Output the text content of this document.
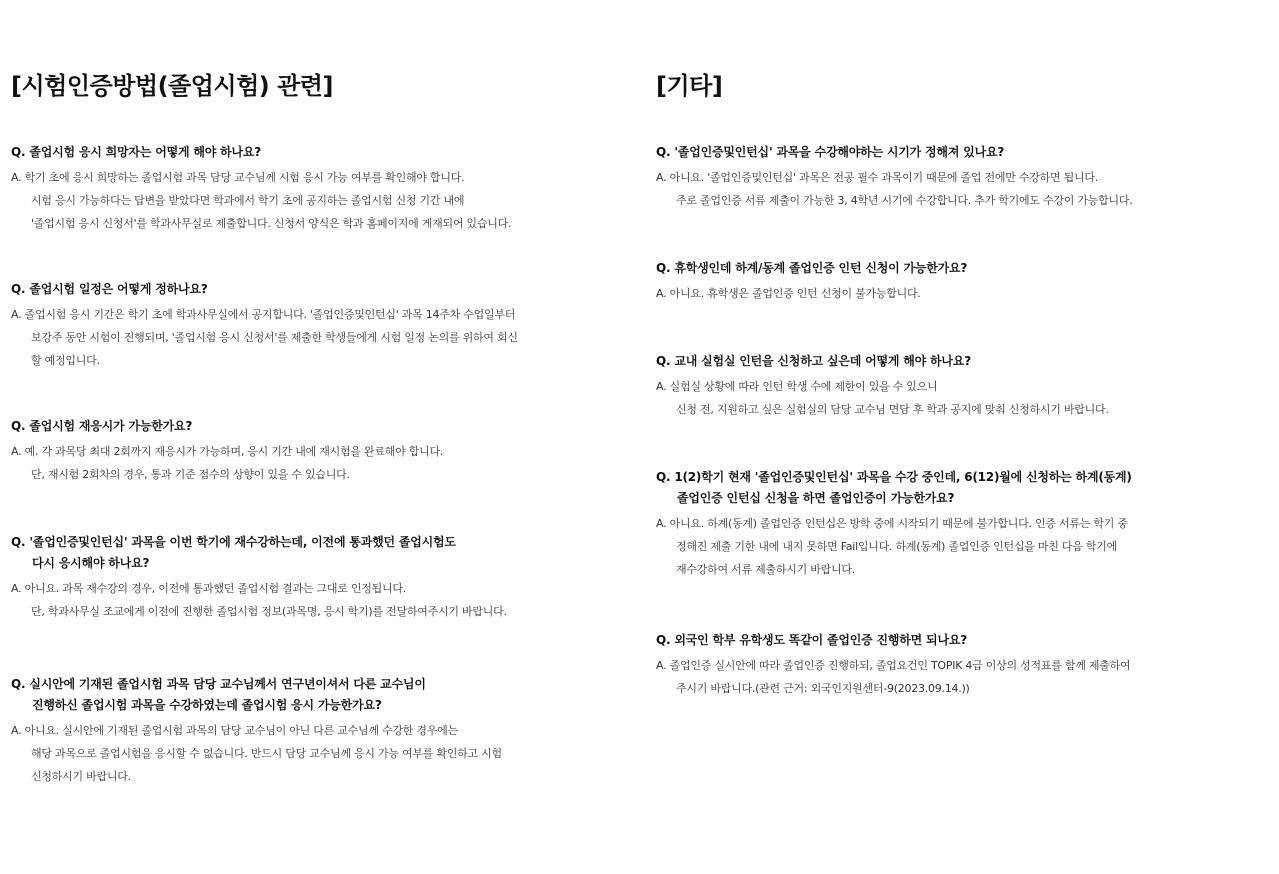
[시험인증방법(졸업시험) 관련]
Q. 졸업시험 응시 희망자는 어떻게 해야 하나요?
A. 학기 초에 응시 희망하는 졸업시험 과목 담당 교수님께 시험 응시 가능 여부를 확인해야 합니다.
시험 응시 가능하다는 답변을 받았다면 학과에서 학기 초에 공지하는 졸업시험 신청 기간 내에
'졸업시험 응시 신청서'를 학과사무실로 제출합니다. 신청서 양식은 학과 홈페이지에 게재되어 있습니다.
Q. 졸업시험 일정은 어떻게 정하나요?
A. 졸업시험 응시 기간은 학기 초에 학과사무실에서 공지합니다. '졸업인증및인턴십' 과목 14주차 수업일부터
보강주 동안 시험이 진행되며, '졸업시험 응시 신청서'를 제출한 학생들에게 시험 일정 논의를 위하여 회신
할 예정입니다.
Q. 졸업시험 재응시가 가능한가요?
A. 예. 각 과목당 최대 2회까지 재응시가 가능하며, 응시 기간 내에 재시험을 완료해야 합니다.
단, 재시험 2회차의 경우, 통과 기준 점수의 상향이 있을 수 있습니다.
Q. '졸업인증및인턴십' 과목을 이번 학기에 재수강하는데, 이전에 통과했던 졸업시험도
다시 응시해야 하나요?
A. 아니요. 과목 재수강의 경우, 이전에 통과했던 졸업시험 결과는 그대로 인정됩니다.
단, 학과사무실 조교에게 이전에 진행한 졸업시험 정보(과목명, 응시 학기)를 전달하여주시기 바랍니다.
Q. 실시안에 기재된 졸업시험 과목 담당 교수님께서 연구년이셔서 다른 교수님이
진행하신 졸업시험 과목을 수강하였는데 졸업시험 응시 가능한가요?
A. 아니요. 실시안에 기재된 졸업시험 과목의 담당 교수님이 아닌 다른 교수님께 수강한 경우에는
해당 과목으로 졸업시험을 응시할 수 없습니다. 반드시 담당 교수님께 응시 가능 여부를 확인하고 시험
신청하시기 바랍니다.
[기타]
Q. '졸업인증및인턴십' 과목을 수강해야하는 시기가 정해져 있나요?
A. 아니요. '졸업인증및인턴십' 과목은 전공 필수 과목이기 때문에 졸업 전에만 수강하면 됩니다.
주로 졸업인증 서류 제출이 가능한 3, 4학년 시기에 수강합니다. 추가 학기에도 수강이 가능합니다.
Q. 휴학생인데 하계/동계 졸업인증 인턴 신청이 가능한가요?
A. 아니요. 휴학생은 졸업인증 인턴 신청이 불가능합니다.
Q. 교내 실험실 인턴을 신청하고 싶은데 어떻게 해야 하나요?
A. 실험실 상황에 따라 인턴 학생 수에 제한이 있을 수 있으니
신청 전, 지원하고 싶은 실험실의 담당 교수님 면담 후 학과 공지에 맞춰 신청하시기 바랍니다.
Q. 1(2)학기 현재 '졸업인증및인턴십' 과목을 수강 중인데, 6(12)월에 신청하는 하계(동계)
졸업인증 인턴십 신청을 하면 졸업인증이 가능한가요?
A. 아니요. 하계(동계) 졸업인증 인턴십은 방학 중에 시작되기 때문에 불가합니다. 인증 서류는 학기 중
정해진 제출 기한 내에 내지 못하면 Fail입니다. 하계(동계) 졸업인증 인턴십을 마친 다음 학기에
재수강하여 서류 제출하시기 바랍니다.
Q. 외국인 학부 유학생도 똑같이 졸업인증 진행하면 되나요?
A. 졸업인증 실시안에 따라 졸업인증 진행하되, 졸업요건인 TOPIK 4급 이상의 성적표를 함께 제출하여
주시기 바랍니다.(관련 근거: 외국인지원센터-9(2023.09.14.))
